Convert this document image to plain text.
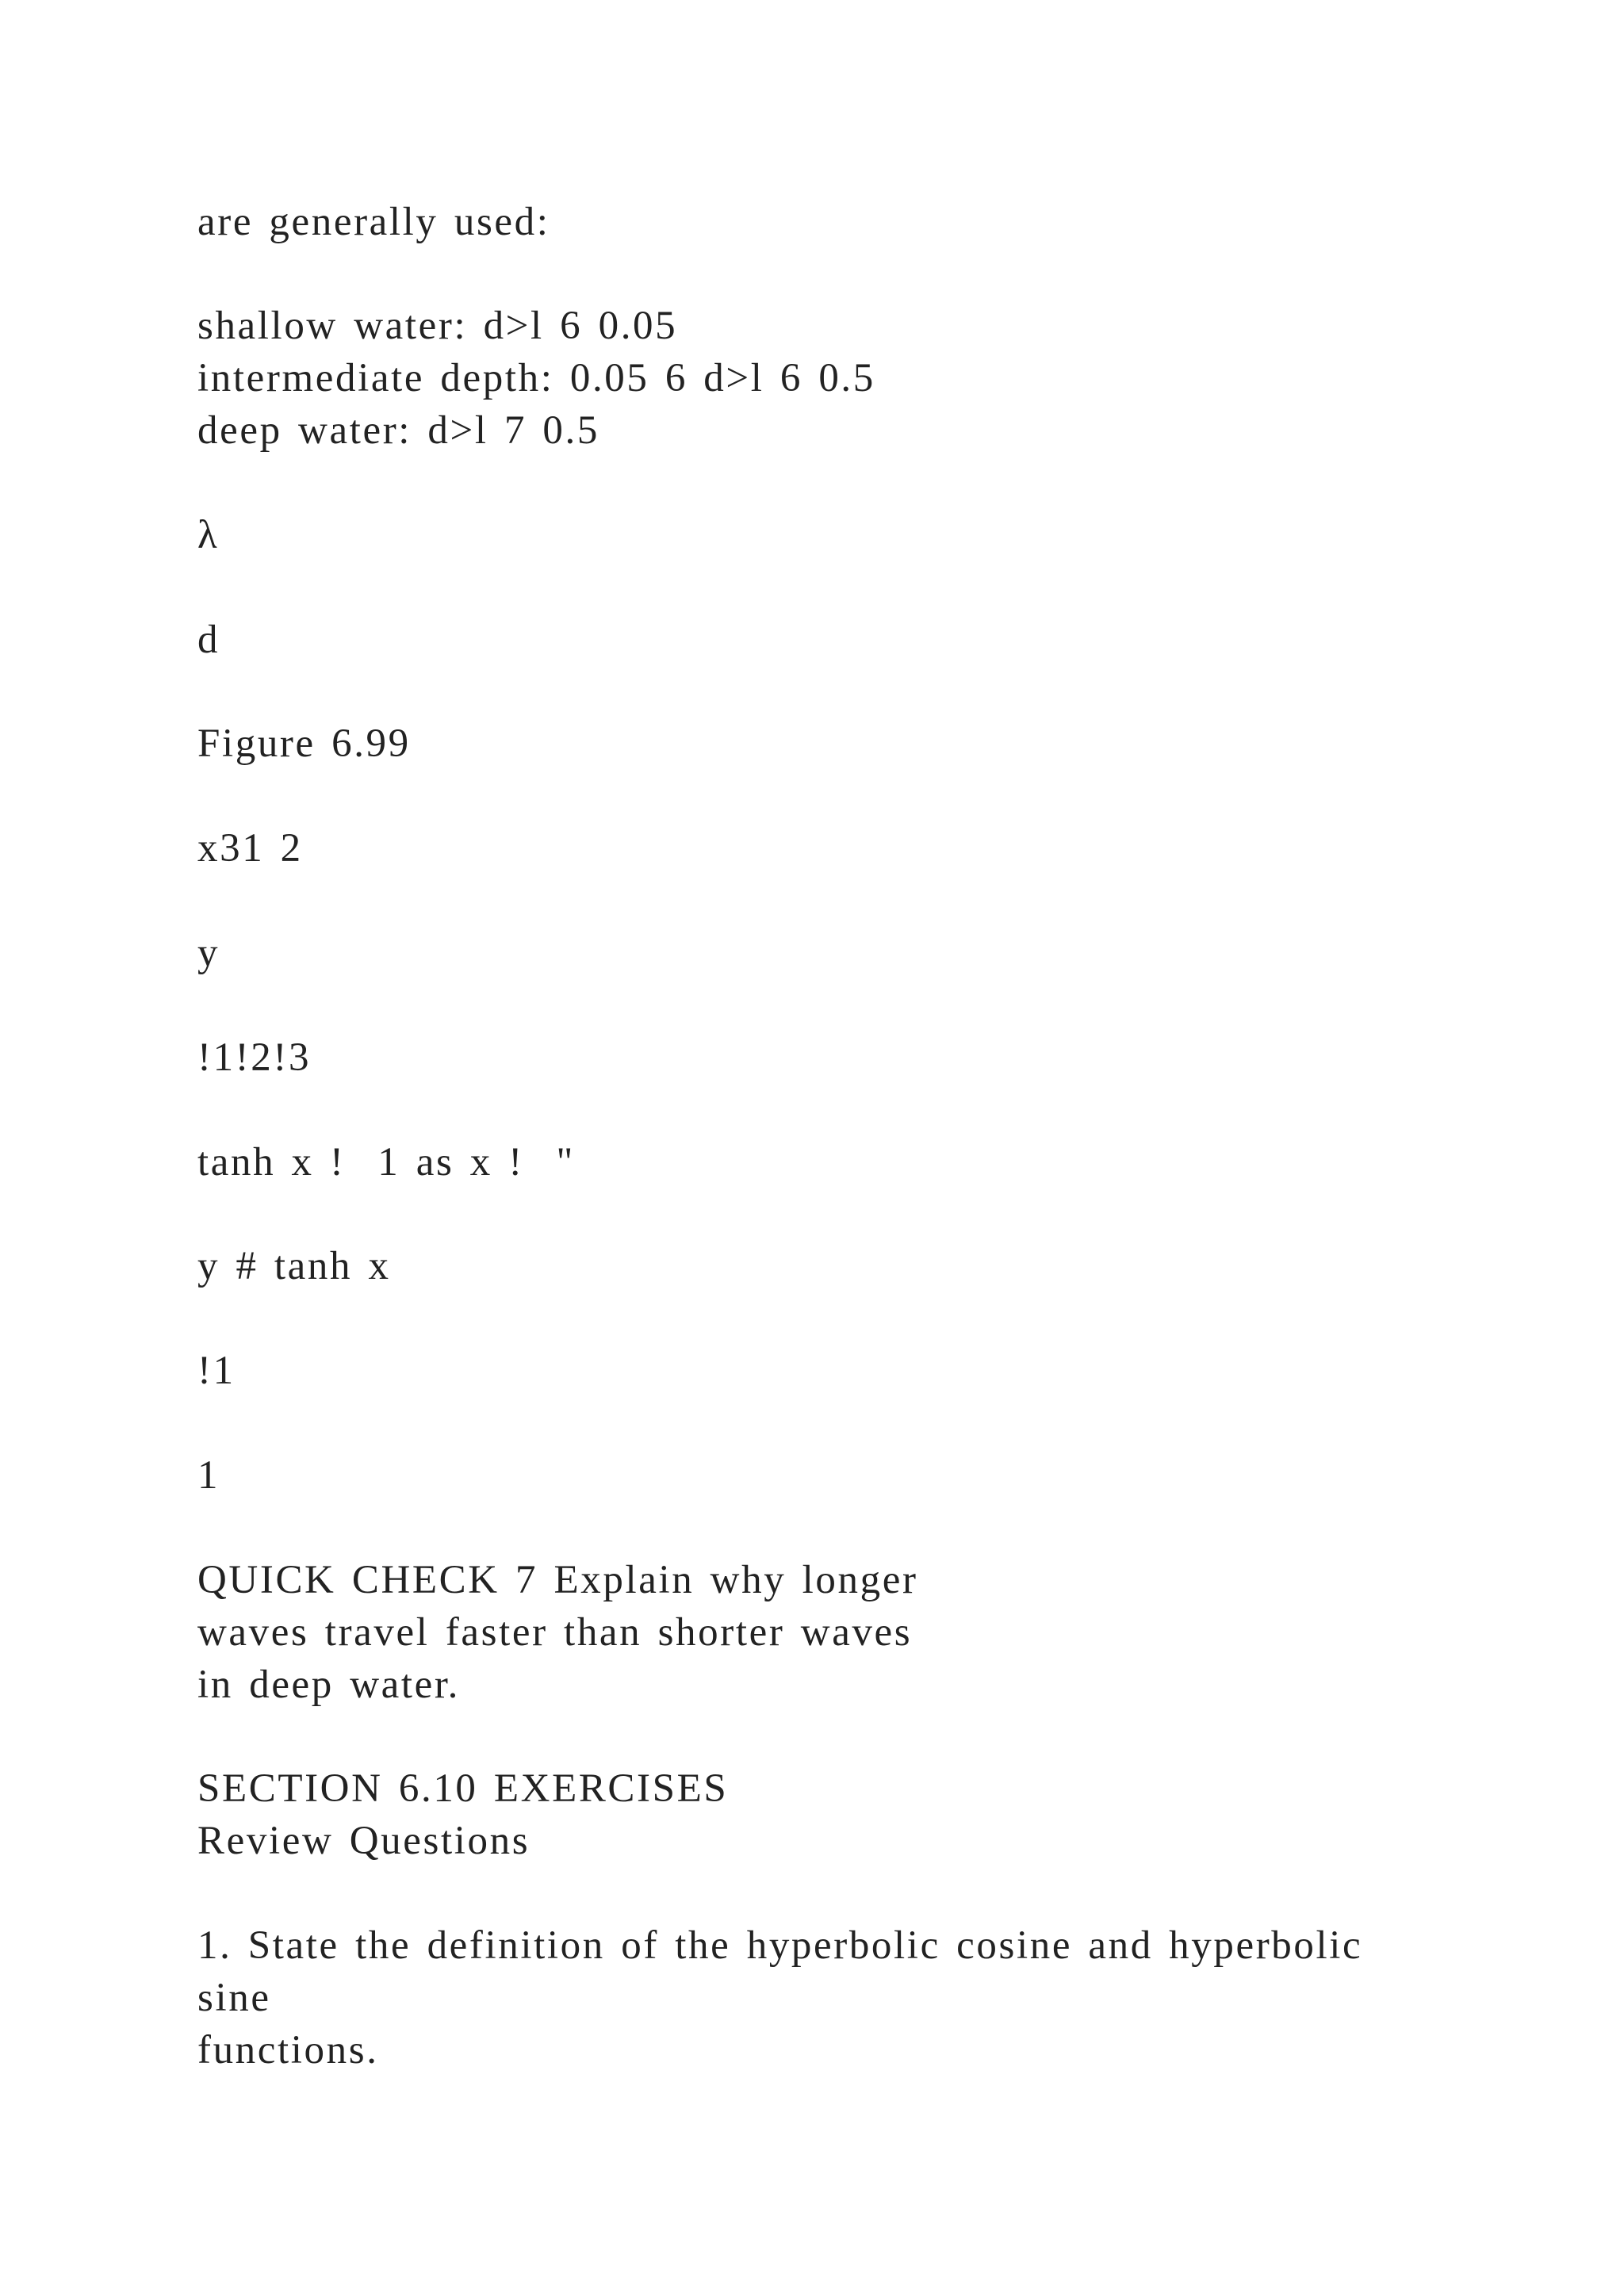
are generally used:

shallow water: d>l 6 0.05

intermediate depth: 0.05 6 d>l 6 0.5

deep water: d>l 7 0.5

λ

d

Figure 6.99

x31 2

y

!1!2!3

tanh x !  1 as x !  "

y # tanh x

!1

1

QUICK CHECK 7 Explain why longer

waves travel faster than shorter waves

in deep water.

SECTION 6.10 EXERCISES

Review Questions

1. State the definition of the hyperbolic cosine and hyperbolic

sine

functions.
